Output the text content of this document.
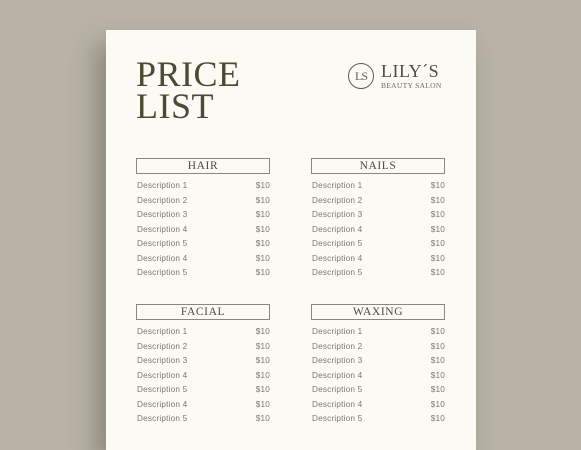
PRICE
LIST
LS LILY´S
BEAUTY SALON
HAIR
Description 1	$10
Description 2	$10
Description 3	$10
Description 4	$10
Description 5	$10
Description 4	$10
Description 5	$10
NAILS
Description 1	$10
Description 2	$10
Description 3	$10
Description 4	$10
Description 5	$10
Description 4	$10
Description 5	$10
FACIAL
Description 1	$10
Description 2	$10
Description 3	$10
Description 4	$10
Description 5	$10
Description 4	$10
Description 5	$10
WAXING
Description 1	$10
Description 2	$10
Description 3	$10
Description 4	$10
Description 5	$10
Description 4	$10
Description 5	$10
